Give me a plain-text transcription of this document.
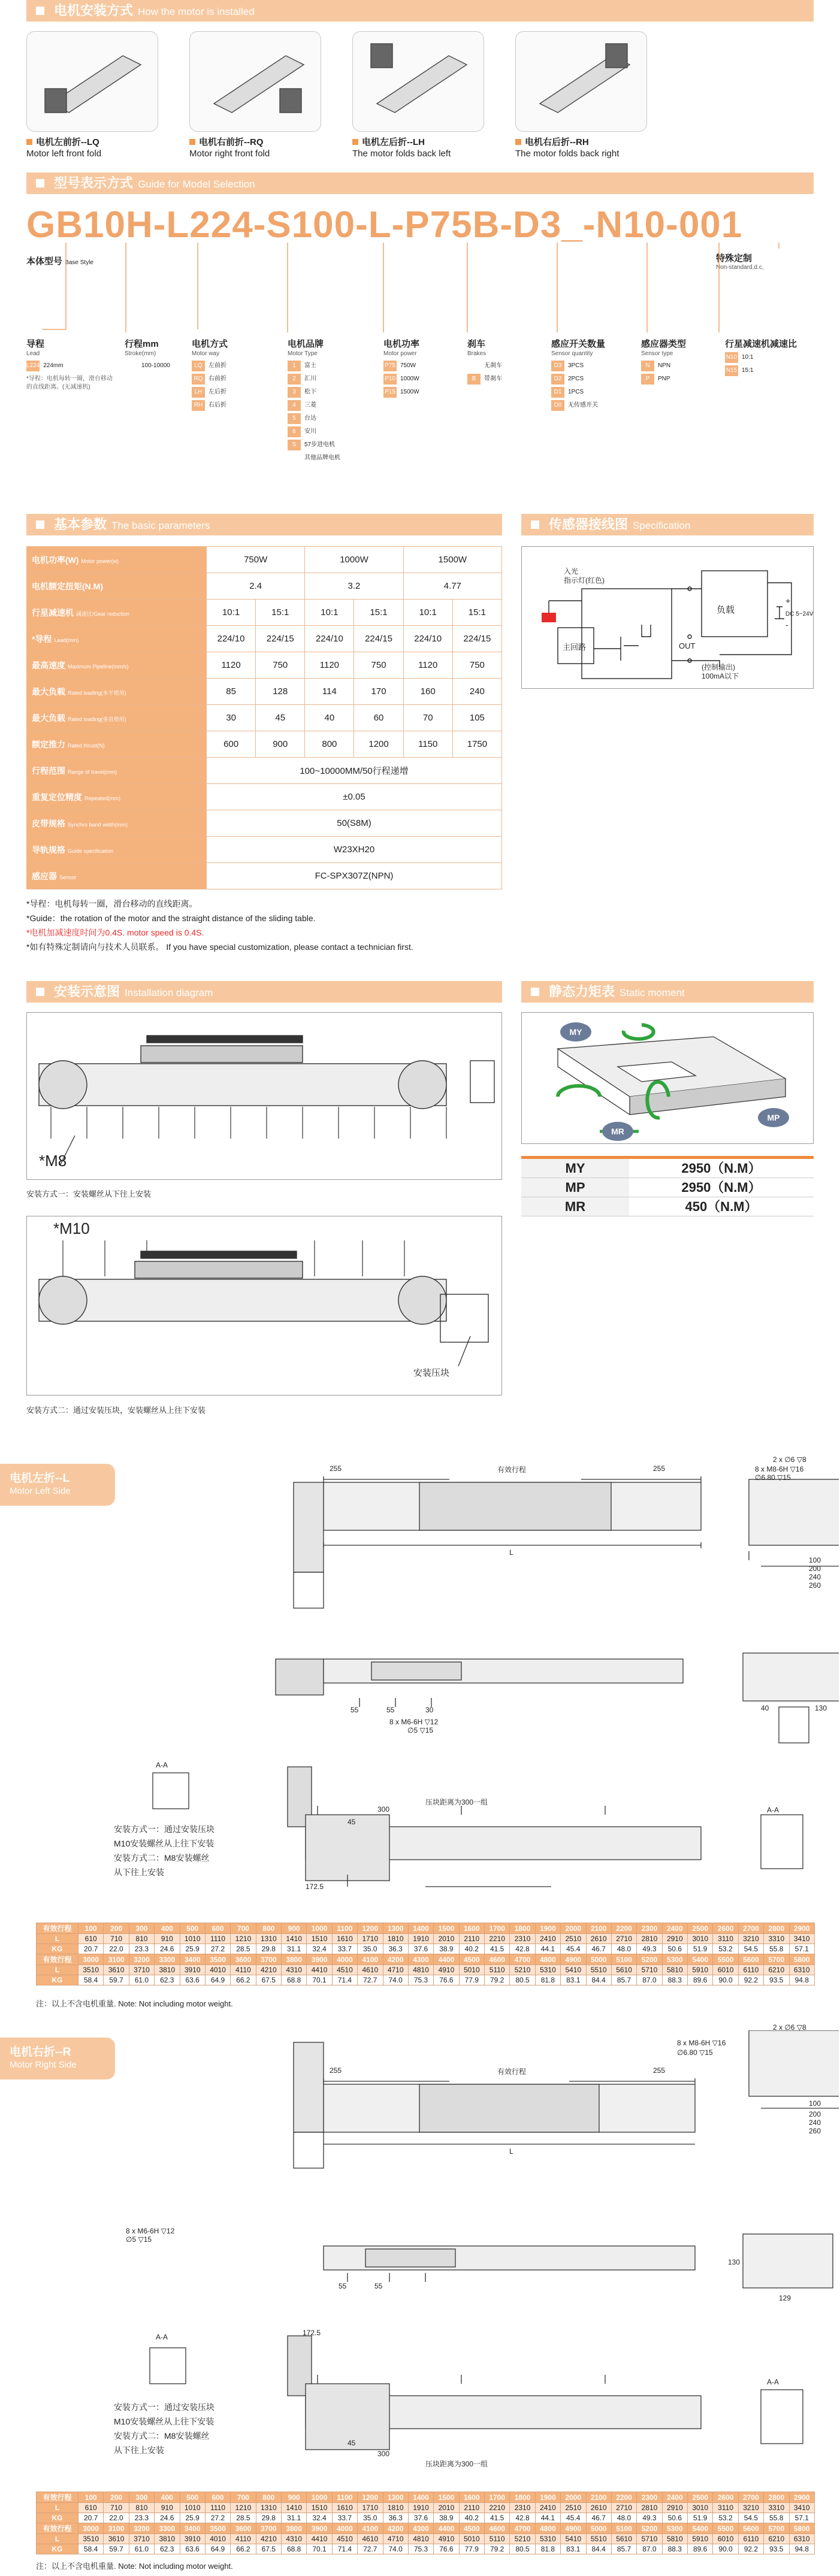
电机安装方式 How the motor is installed
电机左前折--LQ
Motor left front fold
电机右前折--RQ
Motor right front fold
电机左后折--LH
The motor folds back left
电机右后折--RH
The motor folds back right
型号表示方式 Guide for Model Selection
GB10H-L224-S100-L-P75B-D3_-N10-001
本体型号 Base Style	特殊定制
Non-standard,d.c,
导程
Lead
L224 224mm
*导程：电机每转一圈，滑台移动的直线距离。(无减速机)
行程mm
Stroke(mm)
100-10000
电机方式
Motor way
LQ 左前折
RQ 右前折
LH 左后折
RH 右后折
电机品牌
Motor Type
1 富士
2 汇川
3 松下
4 三菱
5 台达
6 安川
S 57步进电机
其他品牌电机
电机功率
Motor power
P75 750W
P10 1000W
P15 1500W
刹车
Brakes
无刹车
B 带刹车
感应开关数量
Sensor quantity
D3 3PCS
D2 2PCS
D1 1PCS
D0 无传感开关
感应器类型
Sensor type
N NPN
P PNP
行星减速机减速比
N10 10:1
N15 15:1
基本参数 The basic parameters
电机功率(W) Motor power(w)	750W		1000W		1500W	
电机额定扭矩(N.M)	2.4		3.2		4.77	
行星减速机 减速比/Gear reduction	10:1	15:1	10:1	15:1	10:1	15:1
*导程 Lead(mm)	224/10	224/15	224/10	224/15	224/10	224/15
最高速度 Maximum Pipeline(mm/s)	1120	750	1120	750	1120	750
最大负载 Rated loading(水平使用)	85	128	114	170	160	240
最大负载 Rated loading(垂直使用)	30	45	40	60	70	105
额定推力 Rated thrust(N)	600	900	800	1200	1150	1750
行程范围 Range of travel(mm)	100~10000MM/50行程递增					
重复定位精度 Repeated(mm)	±0.05					
皮带规格 Synchro band width(mm)	50(S8M)					
导轨规格 Guide specification	W23XH20					
感应器 Sensor	FC-SPX307Z(NPN)					
*导程：电机每转一圈，滑台移动的直线距离。
*Guide：the rotation of the motor and the straight distance of the sliding table.
*电机加减速度时间为0.4S. motor speed is 0.4S.
*如有特殊定制请向与技术人员联系。 If you have special customization, please contact a technician first.
传感器接线图 Specification
入光指示灯(红色)
负载
OUT
主回路
(控制输出) 100mA以下
DC 5~24V
+
-
安装示意图 Installation diagram
*M8
安装方式一：安装螺丝从下往上安装
*M10
安装压块
安装方式二：通过安装压块，安装螺丝从上往下安装
静态力矩表 Static moment
MY
MR
MP
MY	2950（N.M）
MP	2950（N.M）
MR	450（N.M）
电机左折--L
Motor Left Side
255	有效行程	255
L
2 x ∅6 ▽8
8 x M8-6H ▽16
∅6.80 ▽15
100
200
240
260
40	130
55	55	30
8 x M6-6H ▽12
∅5 ▽15
A-A
A-A
压块距离为300一组
300
45
172.5
安装方式一：通过安装压块
M10安装螺丝从上往下安装
安装方式二：M8安装螺丝
从下往上安装
有效行程	100	200	300	400	500	600	700	800	900	1000	1100	1200	1300	1400	1500	1600	1700	1800	1900	2000	2100	2200	2300	2400	2500	2600	2700	2800	2900
L	610	710	810	910	1010	1110	1210	1310	1410	1510	1610	1710	1810	1910	2010	2110	2210	2310	2410	2510	2610	2710	2810	2910	3010	3110	3210	3310	3410
KG	20.7	22.0	23.3	24.6	25.9	27.2	28.5	29.8	31.1	32.4	33.7	35.0	36.3	37.6	38.9	40.2	41.5	42.8	44.1	45.4	46.7	48.0	49.3	50.6	51.9	53.2	54.5	55.8	57.1
有效行程	3000	3100	3200	3300	3400	3500	3600	3700	3800	3900	4000	4100	4200	4300	4400	4500	4600	4700	4800	4900	5000	5100	5200	5300	5400	5500	5600	5700	5800
L	3510	3610	3710	3810	3910	4010	4110	4210	4310	4410	4510	4610	4710	4810	4910	5010	5110	5210	5310	5410	5510	5610	5710	5810	5910	6010	6110	6210	6310
KG	58.4	59.7	61.0	62.3	63.6	64.9	66.2	67.5	68.8	70.1	71.4	72.7	74.0	75.3	76.6	77.9	79.2	80.5	81.8	83.1	84.4	85.7	87.0	88.3	89.6	90.0	92.2	93.5	94.8
注：以上不含电机重量. Note: Not including motor weight.
电机右折--R
Motor Right Side
255	有效行程	255
L
2 x ∅6 ▽8
8 x M8-6H ▽16
∅6.80 ▽15
100
200
240
260
129
130
55	55
8 x M6-6H ▽12
∅5 ▽15
A-A
A-A
压块距离为300一组
300
45
172.5
安装方式一：通过安装压块
M10安装螺丝从上往下安装
安装方式二：M8安装螺丝
从下往上安装
有效行程	100	200	300	400	500	600	700	800	900	1000	1100	1200	1300	1400	1500	1600	1700	1800	1900	2000	2100	2200	2300	2400	2500	2600	2700	2800	2900
L	610	710	810	910	1010	1110	1210	1310	1410	1510	1610	1710	1810	1910	2010	2110	2210	2310	2410	2510	2610	2710	2810	2910	3010	3110	3210	3310	3410
KG	20.7	22.0	23.3	24.6	25.9	27.2	28.5	29.8	31.1	32.4	33.7	35.0	36.3	37.6	38.9	40.2	41.5	42.8	44.1	45.4	46.7	48.0	49.3	50.6	51.9	53.2	54.5	55.8	57.1
有效行程	3000	3100	3200	3300	3400	3500	3600	3700	3800	3900	4000	4100	4200	4300	4400	4500	4600	4700	4800	4900	5000	5100	5200	5300	5400	5500	5600	5700	5800
L	3510	3610	3710	3810	3910	4010	4110	4210	4310	4410	4510	4610	4710	4810	4910	5010	5110	5210	5310	5410	5510	5610	5710	5810	5910	6010	6110	6210	6310
KG	58.4	59.7	61.0	62.3	63.6	64.9	66.2	67.5	68.8	70.1	71.4	72.7	74.0	75.3	76.6	77.9	79.2	80.5	81.8	83.1	84.4	85.7	87.0	88.3	89.6	90.0	92.2	93.5	94.8
注：以上不含电机重量. Note: Not including motor weight.
